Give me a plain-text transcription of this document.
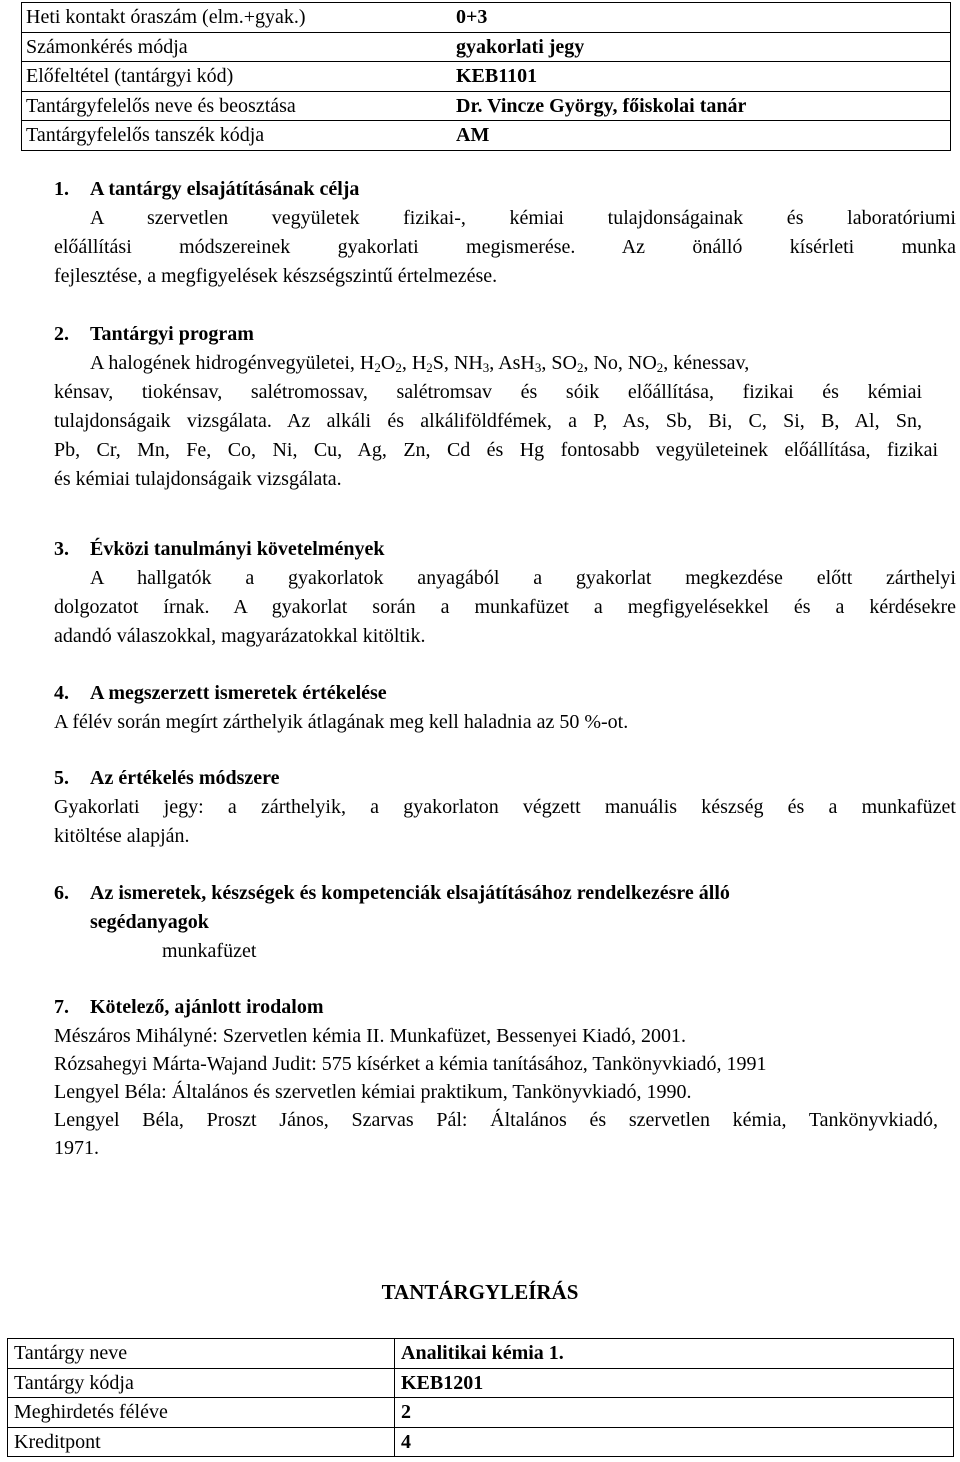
Heti kontakt óraszám (elm.+gyak.)	0+3
Számonkérés módja	gyakorlati jegy
Előfeltétel (tantárgyi kód)	KEB1101
Tantárgyfelelős neve és beosztása	Dr. Vincze György, főiskolai tanár
Tantárgyfelelős tanszék kódja	AM
1. A tantárgy elsajátításának célja
A szervetlen vegyületek fizikai-, kémiai tulajdonságainak és laboratóriumi
előállítási módszereinek gyakorlati megismerése. Az önálló kísérleti munka
fejlesztése, a megfigyelések készségszintű értelmezése.
2. Tantárgyi program
A halogének hidrogénvegyületei, $H_2O_2$, $H_2S$, $NH_3$, AsH$_3$, $SO_2$, No, $NO_2$, kénessav,
kénsav, tiokénsav, salétromossav, salétromsav és sóik előállítása, fizikai és kémiai
tulajdonságaik vizsgálata. Az alkáli és alkáliföldfémek, a P, As, Sb, Bi, C, Si, B, Al, Sn,
Pb, Cr, Mn, Fe, Co, Ni, Cu, Ag, Zn, Cd és Hg fontosabb vegyületeinek előállítása, fizikai
és kémiai tulajdonságaik vizsgálata.
3. Évközi tanulmányi követelmények
A hallgatók a gyakorlatok anyagából a gyakorlat megkezdése előtt zárthelyi
dolgozatot írnak. A gyakorlat során a munkafüzet a megfigyelésekkel és a kérdésekre
adandó válaszokkal, magyarázatokkal kitöltik.
4. A megszerzett ismeretek értékelése
A félév során megírt zárthelyik átlagának meg kell haladnia az 50 %-ot.
5. Az értékelés módszere
Gyakorlati jegy: a zárthelyik, a gyakorlaton végzett manuális készség és a munkafüzet
kitöltése alapján.
6. Az ismeretek, készségek és kompetenciák elsajátításához rendelkezésre álló
segédanyagok
munkafüzet
7. Kötelező, ajánlott irodalom
Mészáros Mihályné: Szervetlen kémia II. Munkafüzet, Bessenyei Kiadó, 2001.
Rózsahegyi Márta-Wajand Judit: 575 kísérket a kémia tanításához, Tankönyvkiadó, 1991
Lengyel Béla: Általános és szervetlen kémiai praktikum, Tankönyvkiadó, 1990.
Lengyel Béla, Proszt János, Szarvas Pál: Általános és szervetlen kémia, Tankönyvkiadó,
1971.
TANTÁRGYLEÍRÁS
Tantárgy neve	Analitikai kémia 1.
Tantárgy kódja	KEB1201
Meghirdetés féléve	2
Kreditpont	4
